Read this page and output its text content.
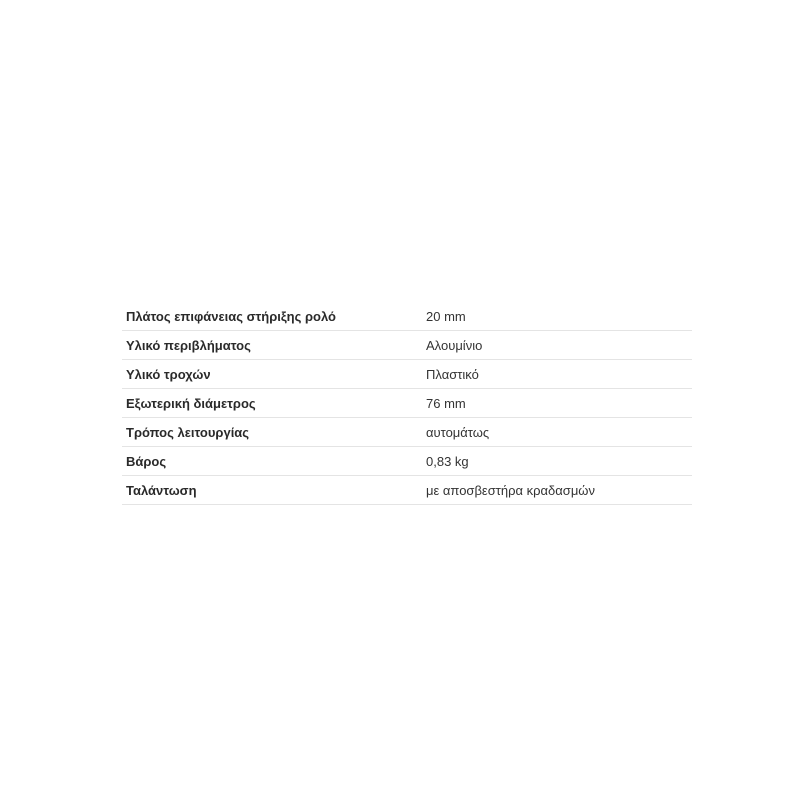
Πλάτος επιφάνειας στήριξης ρολό	20 mm
Υλικό περιβλήματος	Αλουμίνιο
Υλικό τροχών	Πλαστικό
Εξωτερική διάμετρος	76 mm
Τρόπος λειτουργίας	αυτομάτως
Βάρος	0,83 kg
Ταλάντωση	με αποσβεστήρα κραδασμών
